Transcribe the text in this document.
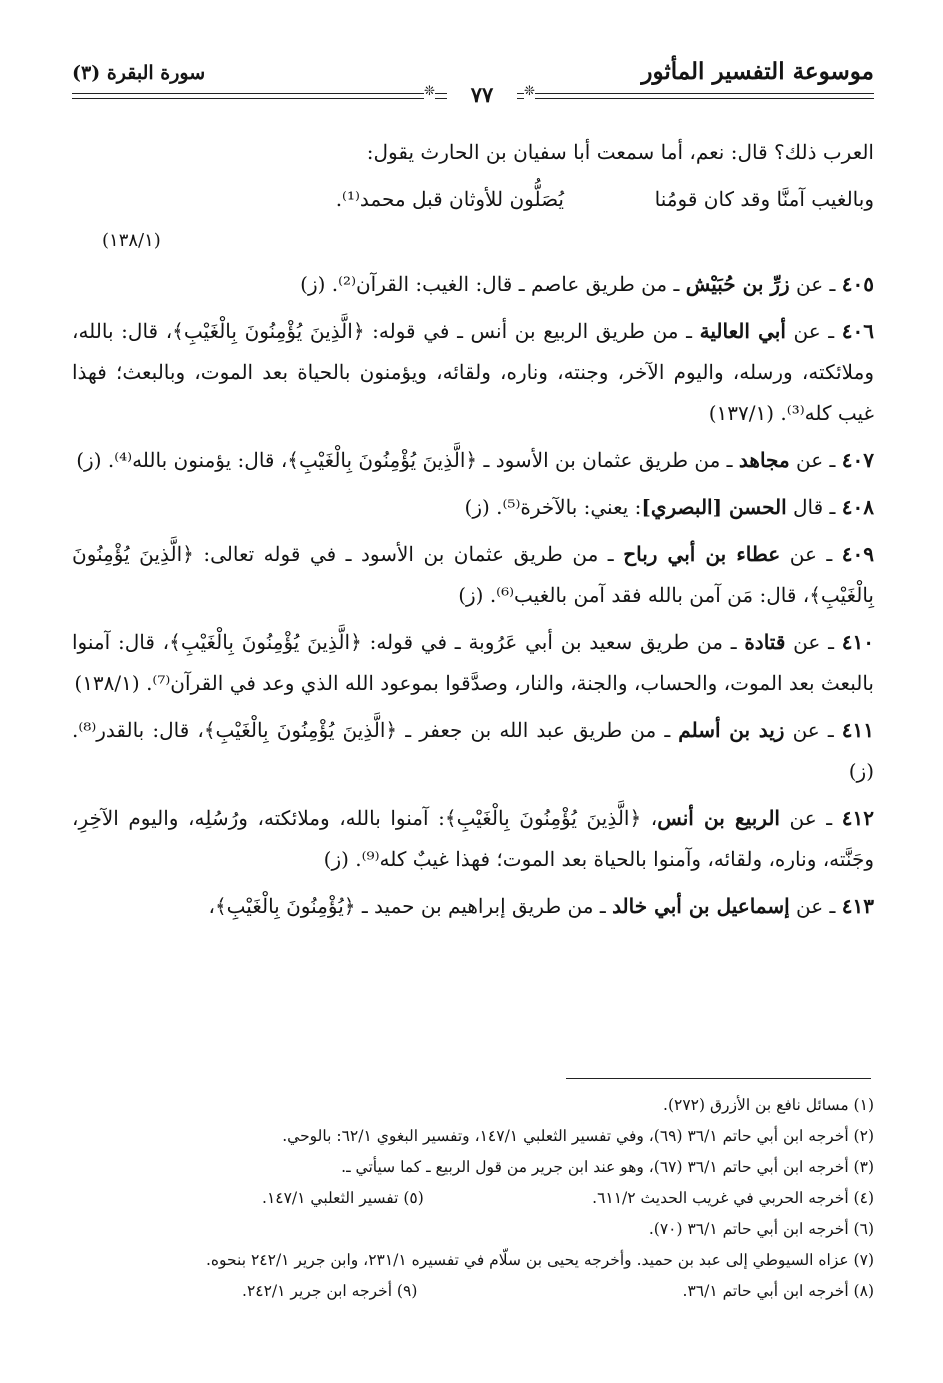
موسوعة التفسير المأثور
سورة البقرة (٣)
❊	٧٧	❊

العرب ذلك؟ قال: نعم، أما سمعت أبا سفيان بن الحارث يقول:

وبالغيب آمنَّا وقد كان قومُنا
يُصَلُّون للأوثان قبل محمد⁽¹⁾.
(١٣٨/١)

٤٠٥ ـ عن زرِّ بن حُبَيْش ـ من طريق عاصم ـ قال: الغيب: القرآن⁽²⁾. (ز)

٤٠٦ ـ عن أبي العالية ـ من طريق الربيع بن أنس ـ في قوله: ﴿الَّذِينَ يُؤْمِنُونَ بِالْغَيْبِ﴾، قال: بالله، وملائكته، ورسله، واليوم الآخر، وجنته، وناره، ولقائه، ويؤمنون بالحياة بعد الموت، وبالبعث؛ فهذا غيب كله⁽³⁾. (١٣٧/١)

٤٠٧ ـ عن مجاهد ـ من طريق عثمان بن الأسود ـ ﴿الَّذِينَ يُؤْمِنُونَ بِالْغَيْبِ﴾، قال: يؤمنون بالله⁽⁴⁾. (ز)

٤٠٨ ـ قال الحسن [البصري]: يعني: بالآخرة⁽⁵⁾. (ز)

٤٠٩ ـ عن عطاء بن أبي رباح ـ من طريق عثمان بن الأسود ـ في قوله تعالى: ﴿الَّذِينَ يُؤْمِنُونَ بِالْغَيْبِ﴾، قال: مَن آمن بالله فقد آمن بالغيب⁽⁶⁾. (ز)

٤١٠ ـ عن قتادة ـ من طريق سعيد بن أبي عَرُوبة ـ في قوله: ﴿الَّذِينَ يُؤْمِنُونَ بِالْغَيْبِ﴾، قال: آمنوا بالبعث بعد الموت، والحساب، والجنة، والنار، وصدَّقوا بموعود الله الذي وعد في القرآن⁽⁷⁾. (١٣٨/١)

٤١١ ـ عن زيد بن أسلم ـ من طريق عبد الله بن جعفر ـ ﴿الَّذِينَ يُؤْمِنُونَ بِالْغَيْبِ﴾، قال: بالقدر⁽⁸⁾. (ز)

٤١٢ ـ عن الربيع بن أنس، ﴿الَّذِينَ يُؤْمِنُونَ بِالْغَيْبِ﴾: آمنوا بالله، وملائكته، ورُسُلِه، واليوم الآخِرِ، وجَنَّته، وناره، ولقائه، وآمنوا بالحياة بعد الموت؛ فهذا غيبٌ كله⁽⁹⁾. (ز)

٤١٣ ـ عن إسماعيل بن أبي خالد ـ من طريق إبراهيم بن حميد ـ ﴿يُؤْمِنُونَ بِالْغَيْبِ﴾،

(١) مسائل نافع بن الأزرق (٢٧٢).

(٢) أخرجه ابن أبي حاتم ٣٦/١ (٦٩)، وفي تفسير الثعلبي ١٤٧/١، وتفسير البغوي ٦٢/١: بالوحي.

(٣) أخرجه ابن أبي حاتم ٣٦/١ (٦٧)، وهو عند ابن جرير من قول الربيع ـ كما سيأتي ـ.

(٤) أخرجه الحربي في غريب الحديث ٦١١/٢.

(٥) تفسير الثعلبي ١٤٧/١.

(٦) أخرجه ابن أبي حاتم ٣٦/١ (٧٠).

(٧) عزاه السيوطي إلى عبد بن حميد. وأخرجه يحيى بن سلّام في تفسيره ٢٣١/١، وابن جرير ٢٤٢/١ بنحوه.

(٨) أخرجه ابن أبي حاتم ٣٦/١.

(٩) أخرجه ابن جرير ٢٤٢/١.
